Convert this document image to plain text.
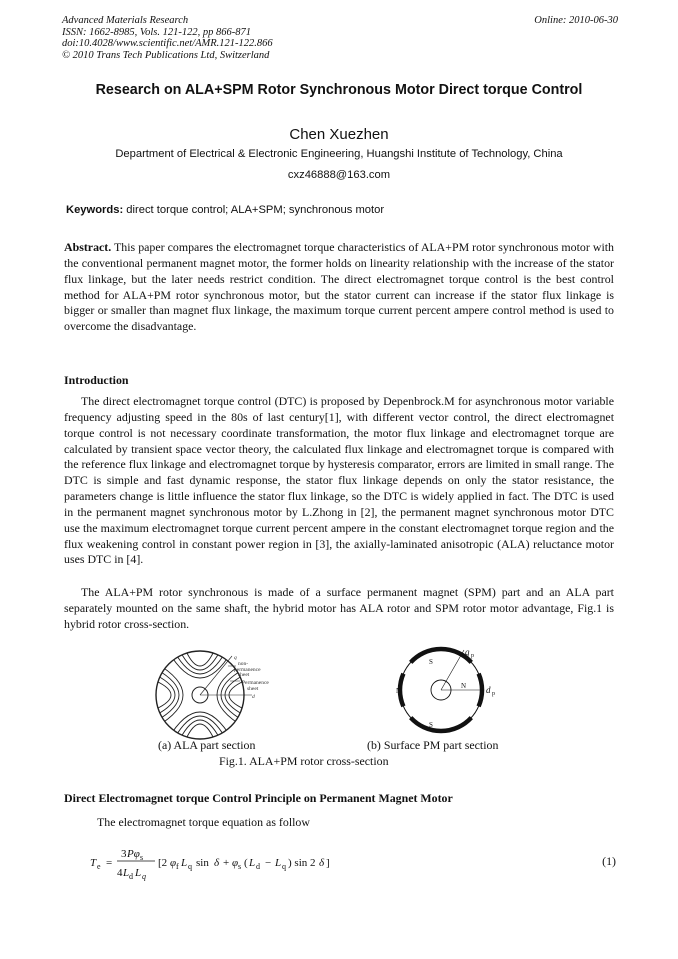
Advanced Materials Research
ISSN: 1662-8985, Vols. 121-122, pp 866-871
doi:10.4028/www.scientific.net/AMR.121-122.866
© 2010 Trans Tech Publications Ltd, Switzerland
Online: 2010-06-30
Research on ALA+SPM Rotor Synchronous Motor Direct torque Control
Chen Xuezhen
Department of Electrical & Electronic Engineering, Huangshi Institute of Technology, China
cxz46888@163.com
Keywords: direct torque control; ALA+SPM; synchronous motor
Abstract. This paper compares the electromagnet torque characteristics of ALA+PM rotor synchronous motor with the conventional permanent magnet motor, the former holds on linearity relationship with the increase of the stator flux linkage, but the later needs restrict condition. The direct electromagnet torque control is the best control method for ALA+PM rotor synchronous motor, but the stator current can increase if the stator flux linkage is bigger or smaller than magnet flux linkage, the maximum torque current percent ampere control method is used to overcome the disadvantage.
Introduction
The direct electromagnet torque control (DTC) is proposed by Depenbrock.M for asynchronous motor variable frequency adjusting speed in the 80s of last century[1], with different vector control, the direct electromagnet torque control is not necessary coordinate transformation, the motor flux linkage and electromagnet torque are calculated by transient space vector theory, the calculated flux linkage and electromagnet torque is compared with the reference flux linkage and electromagnet torque by hysteresis comparator, errors are limited in small range. The DTC is simple and fast dynamic response, the stator flux linkage depends on only the stator resistance, the parameters change is little influence the stator flux linkage, so the DTC is widely applied in fact. The DTC is used in the permanent magnet synchronous motor by L.Zhong in [2], the permanent magnet synchronous motor DTC use the maximum electromagnet torque current percent ampere in the constant electromagnet torque region and the flux weakening control in constant power region in [3], the axially-laminated anisotropic (ALA) reluctance motor uses DTC in [4].
The ALA+PM rotor synchronous is made of a surface permanent magnet (SPM) part and an ALA part separately mounted on the same shaft, the hybrid motor has ALA rotor and SPM rotor motor advantage, Fig.1 is hybrid rotor cross-section.
q
non-
permanence
sheet
Permanence
sheet
d
q p
d p
S
S
N
N
(a) ALA part section	(b) Surface PM part section
Fig.1. ALA+PM rotor cross-section
Direct Electromagnet torque Control Principle on Permanent Magnet Motor
The electromagnet torque equation as follow
T e =
3 Pφ s
4 L d L q
[2 φ f L q sin δ + φ s ( L d − L q ) sin 2 δ ]	(1)
